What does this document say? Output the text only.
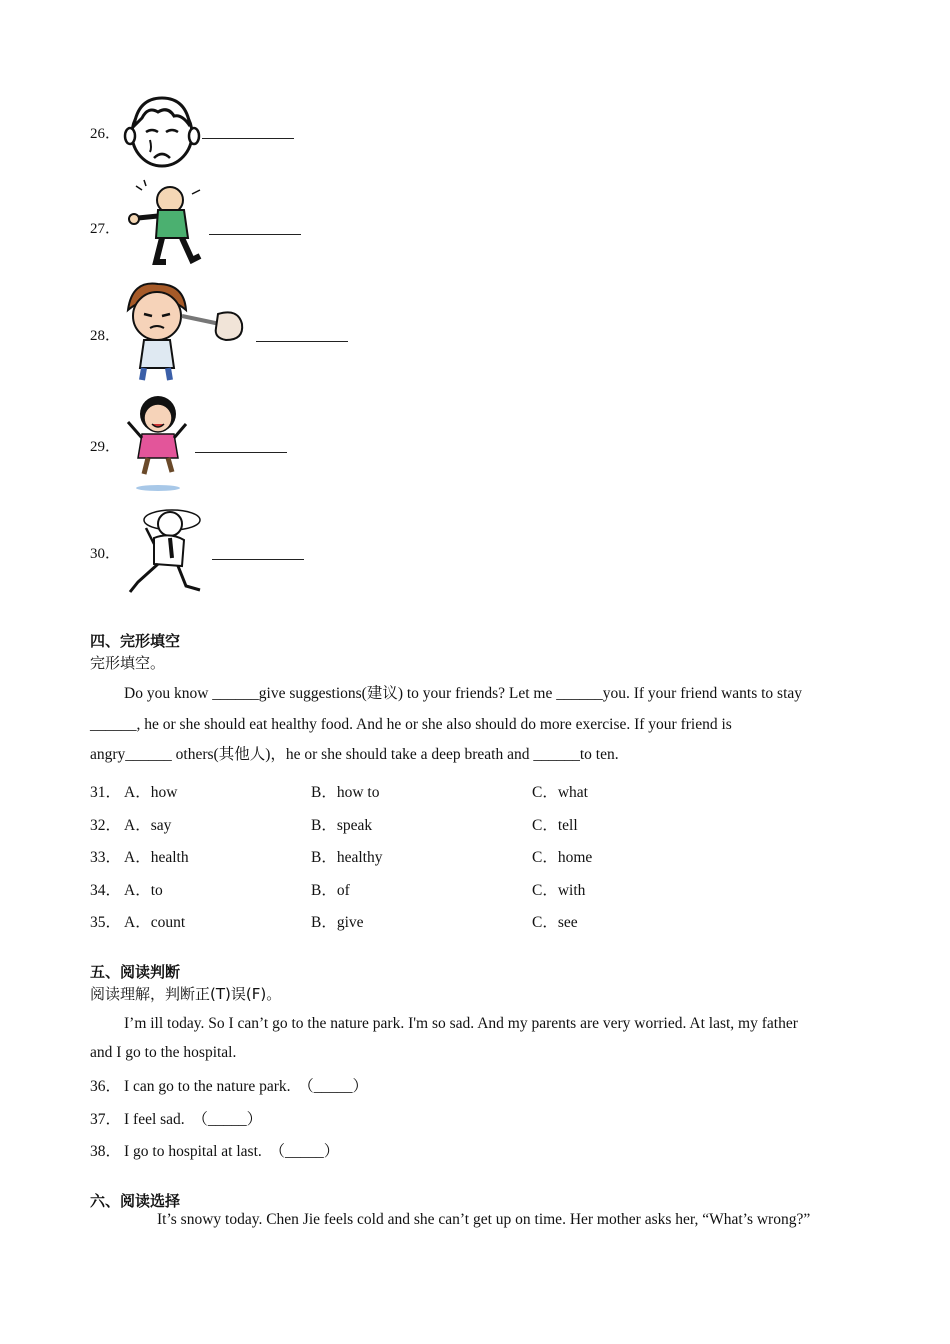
26．
27．
28．
29．
30．
四、完形填空
完形填空。
Do you know ______give suggestions(建议) to your friends? Let me ______you. If your friend wants to stay
______, he or she should eat healthy food. And he or she also should do more exercise. If your friend is
angry______ others(其他人)，he or she should take a deep breath and ______to ten.
31． A．how	B．how to	C．what
32． A．say	B．speak	C．tell
33． A．health	B．healthy	C．home
34． A．to	B．of	C．with
35． A．count	B．give	C．see
五、阅读判断
阅读理解，判断正(T)误(F)。
I’m ill today. So I can’t go to the nature park. I'm so sad. And my parents are very worried. At last, my father
and I go to the hospital.
36． I can go to the nature park.  （_____）
37． I feel sad.  （_____）
38． I go to hospital at last.  （_____）
六、阅读选择
It’s snowy today. Chen Jie feels cold and she can’t get up on time. Her mother asks her, “What’s wrong?”
